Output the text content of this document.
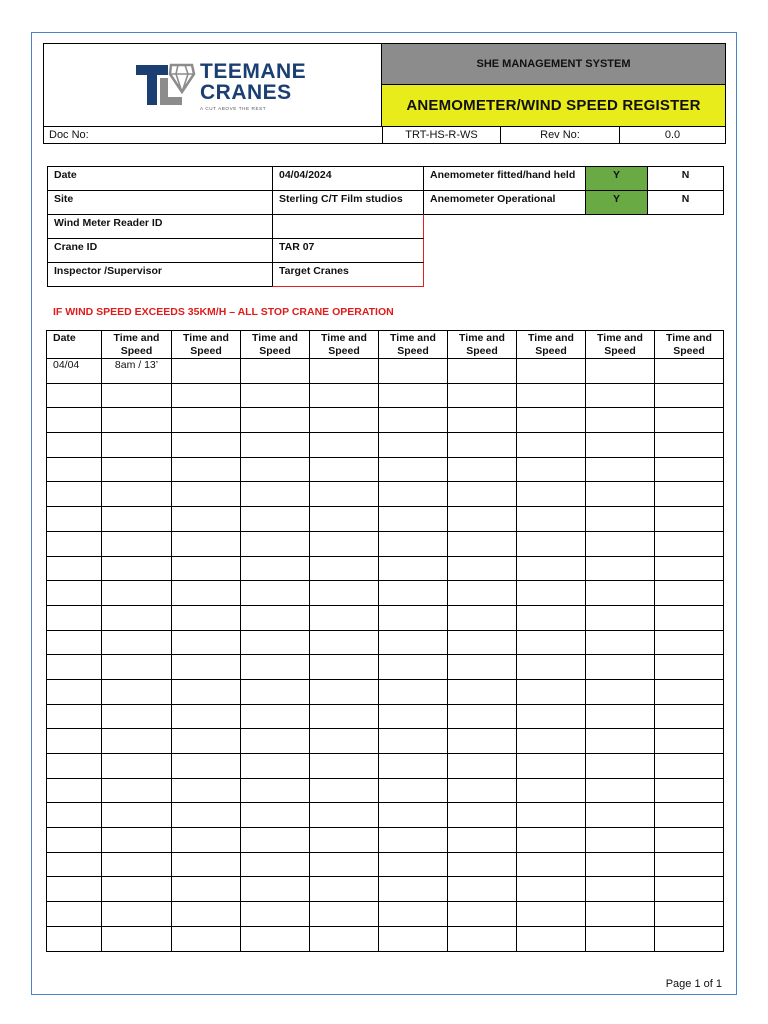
TEEMANE
CRANES
A CUT ABOVE THE REST
SHE MANAGEMENT SYSTEM
ANEMOMETER/WIND SPEED REGISTER
Doc No:	TRT-HS-R-WS	Rev No:	0.0
Date	04/04/2024	Anemometer fitted/hand held	Y	N
Site	Sterling C/T Film studios	Anemometer Operational	Y	N
Wind Meter Reader ID
Crane ID	TAR 07
Inspector /Supervisor	Target Cranes
IF WIND SPEED EXCEEDS 35KM/H – ALL STOP CRANE OPERATION
Date	Time and Speed	Time and Speed	Time and Speed	Time and Speed	Time and Speed	Time and Speed	Time and Speed	Time and Speed	Time and Speed
04/04	8am / 13’								

Page 1 of 1
